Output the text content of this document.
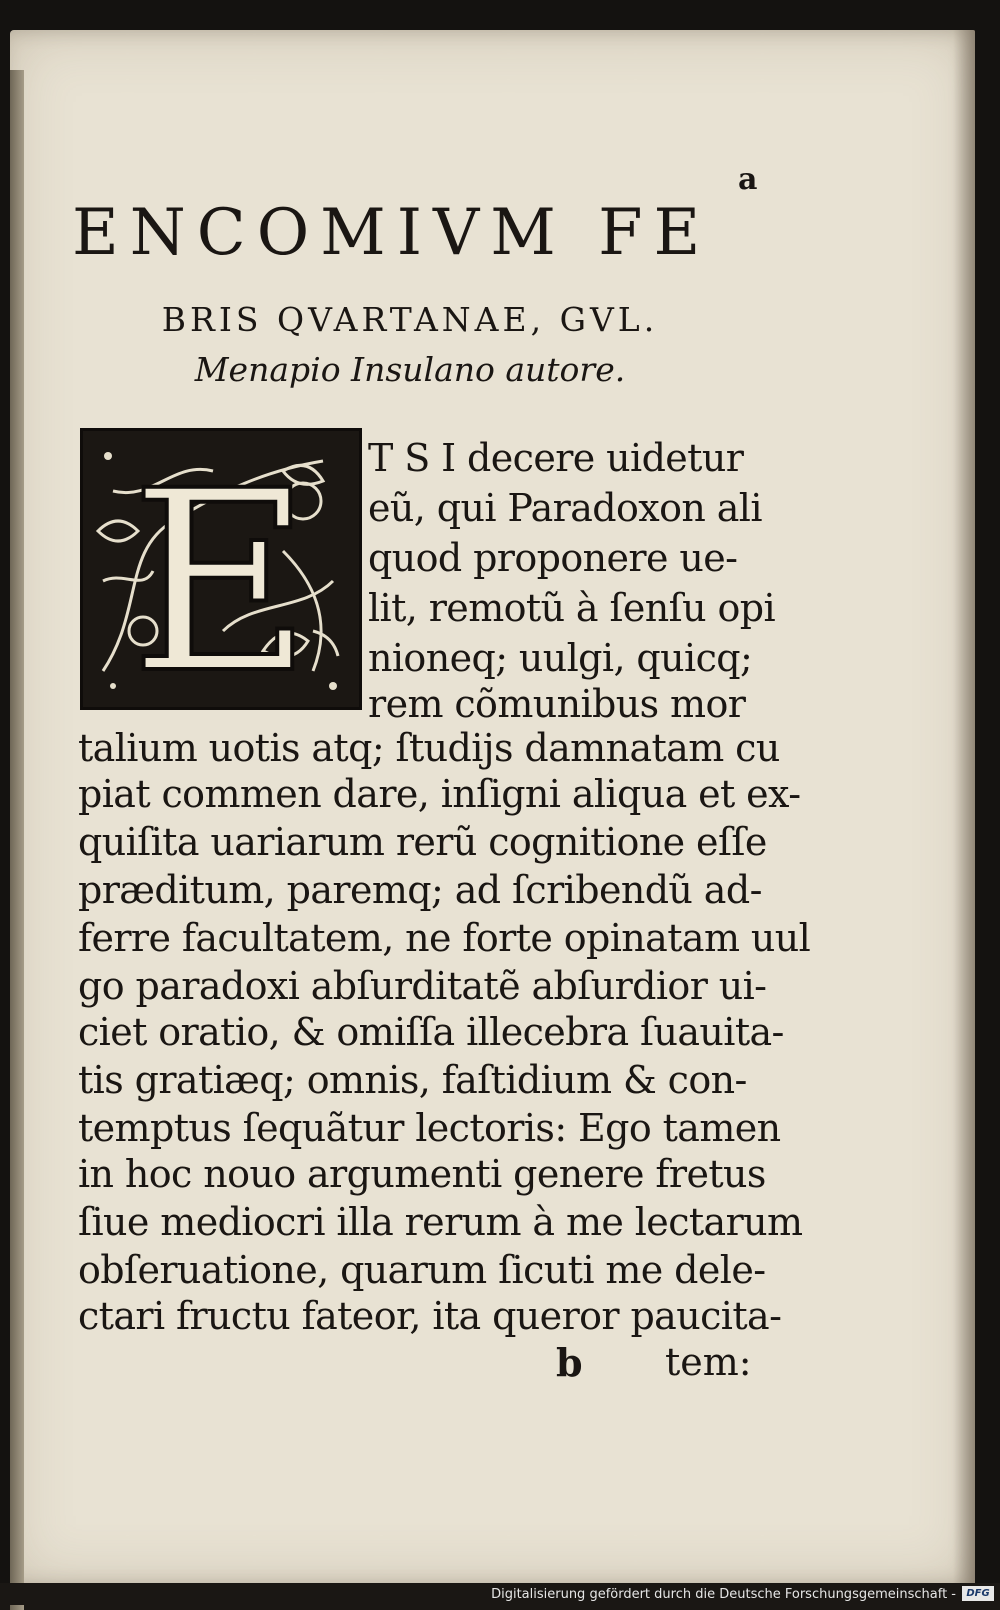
a
ENCOMIVM FE
BRIS QVARTANAE, GVL.
Menapio Insulano autore.
E T S I decere uidetur
eũ, qui Paradoxon ali
quod proponere ue-
lit, remotũ à ſenſu opi
nioneq; uulgi, quicq;
rem cõmunibus mor
talium uotis atq; ſtudijs damnatam cu
piat commen dare, inſigni aliqua et ex-
quiſita uariarum rerũ cognitione eſſe
præditum, paremq; ad ſcribendũ ad-
ferre facultatem, ne forte opinatam uul
go paradoxi abſurditatẽ abſurdior ui-
ciet oratio, & omiſſa illecebra ſuauita-
tis gratiæq; omnis, faſtidium & con-
temptus ſequãtur lectoris: Ego tamen
in hoc nouo argumenti genere fretus
ſiue mediocri illa rerum à me lectarum
obſeruatione, quarum ſicuti me dele-
ctari fructu fateor, ita queror paucita-
b tem:
Digitalisierung gefördert durch die Deutsche Forschungsgemeinschaft -	DFG
